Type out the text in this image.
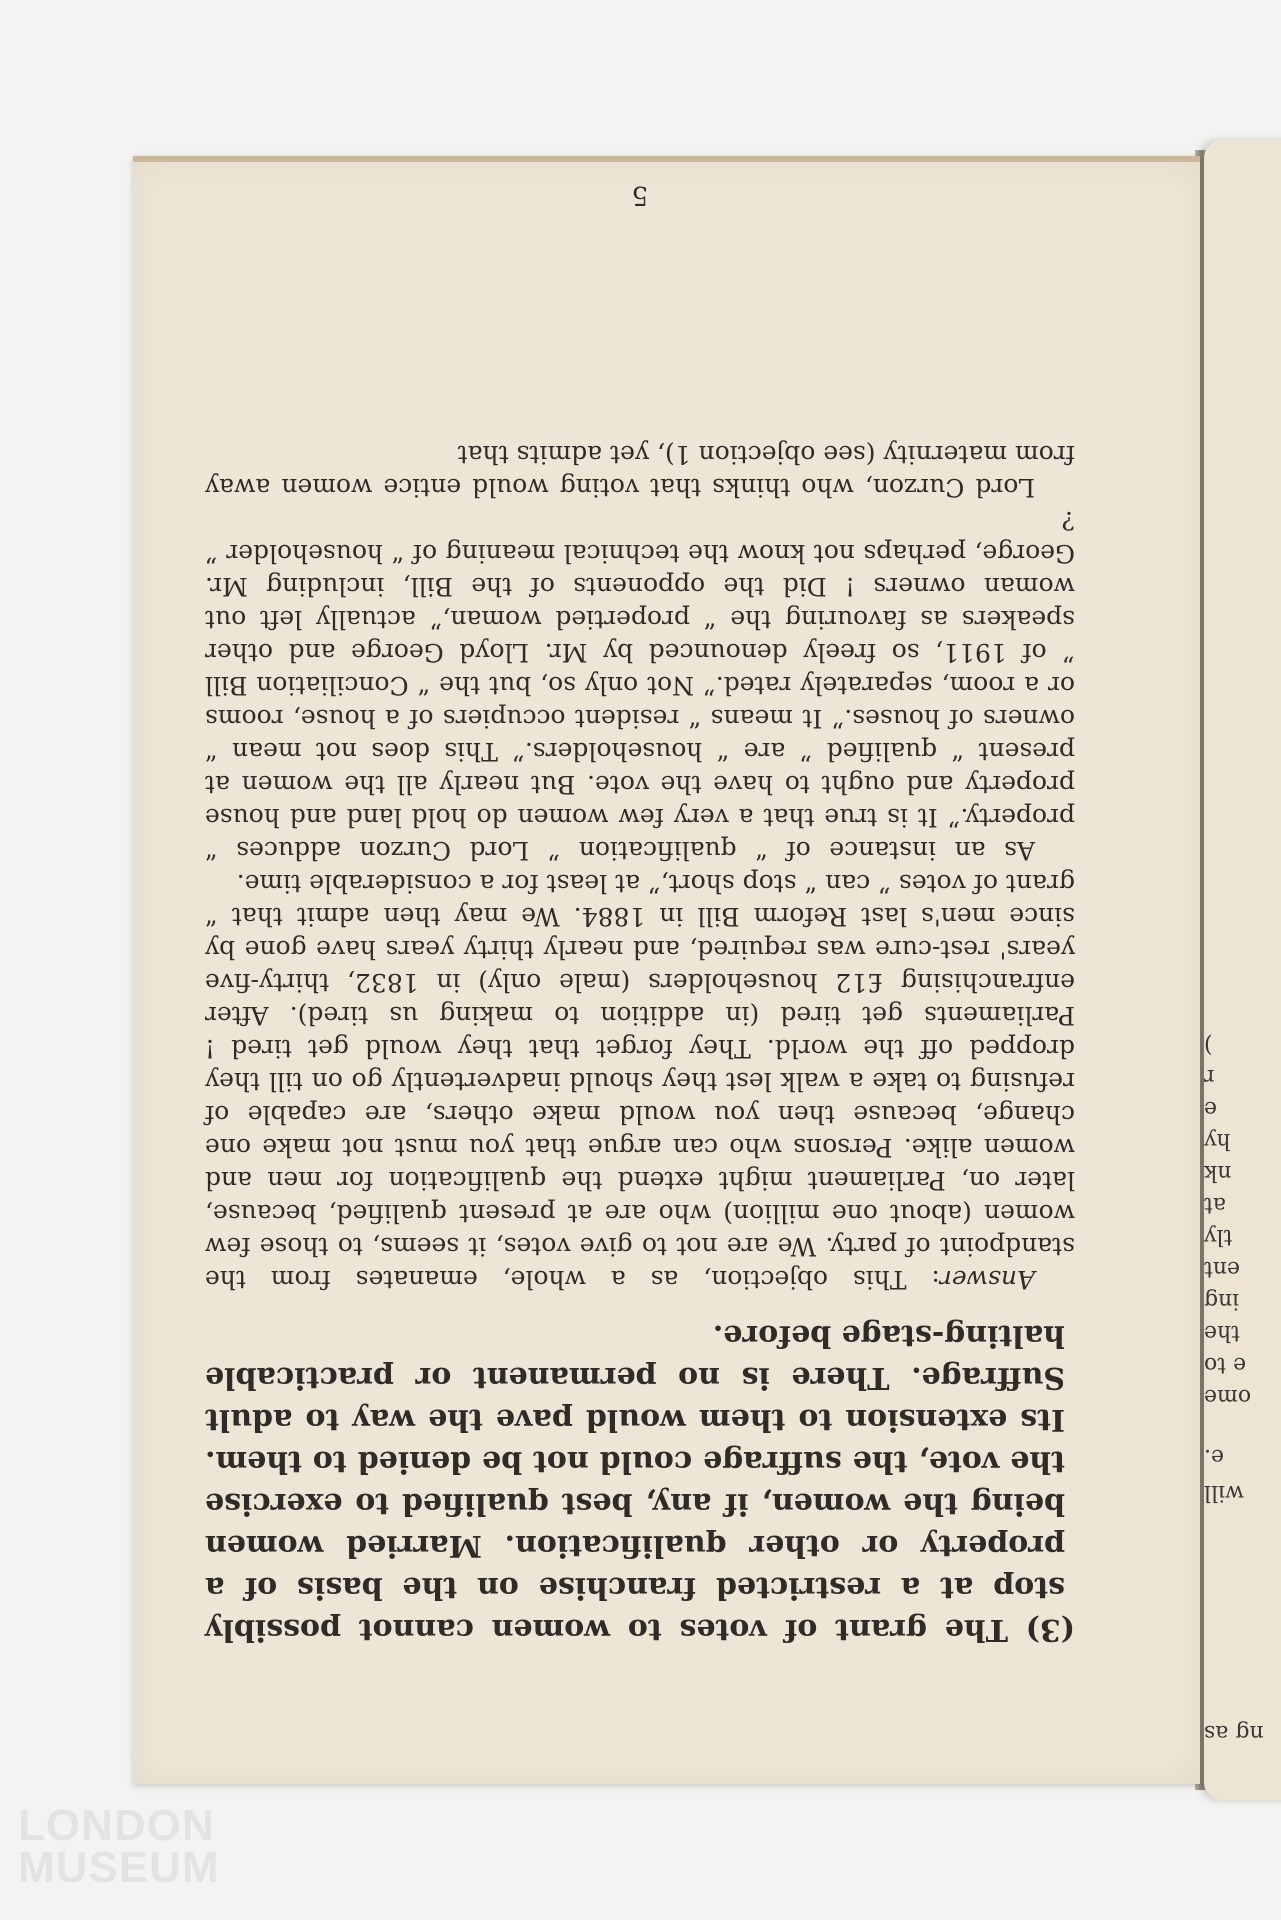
ng as
will
e.
ome
e to
the
ing
ent
tly
at
nk
hy
e
r
)

(3) The grant of votes to women cannot possibly stop at a restricted franchise on the basis of a property or other qualification. Married women being the women, if any, best qualified to exercise the vote, the suffrage could not be denied to them. Its extension to them would pave the way to adult Suffrage. There is no permanent or practicable halting-stage before.

Answer: This objection, as a whole, emanates from the standpoint of party. We are not to give votes, it seems, to those few women (about one million) who are at present qualified, because, later on, Parliament might extend the qualification for men and women alike. Persons who can argue that you must not make one change, because then you would make others, are capable of refusing to take a walk lest they should inadvertently go on till they dropped off the world. They forget that they would get tired ! Parliaments get tired (in addition to making us tired). After enfranchising £12 householders (male only) in 1832, thirty-five years' rest-cure was required, and nearly thirty years have gone by since men's last Reform Bill in 1884. We may then admit that “ grant of votes ” can “ stop short,” at least for a considerable time.

As an instance of “ qualification ” Lord Curzon adduces “ property.” It is true that a very few women do hold land and house property and ought to have the vote. But nearly all the women at present “ qualified ” are “ householders.” This does not mean “ owners of houses.” It means “ resident occupiers of a house, rooms or a room, separately rated.” Not only so, but the “ Conciliation Bill ” of 1911, so freely denounced by Mr. Lloyd George and other speakers as favouring the “ propertied woman,” actually left out woman owners ! Did the opponents of the Bill, including Mr. George, perhaps not know the technical meaning of “ householder ” ?

Lord Curzon, who thinks that voting would entice women away from maternity (see objection 1), yet admits that

5
LONDON
MUSEUM
